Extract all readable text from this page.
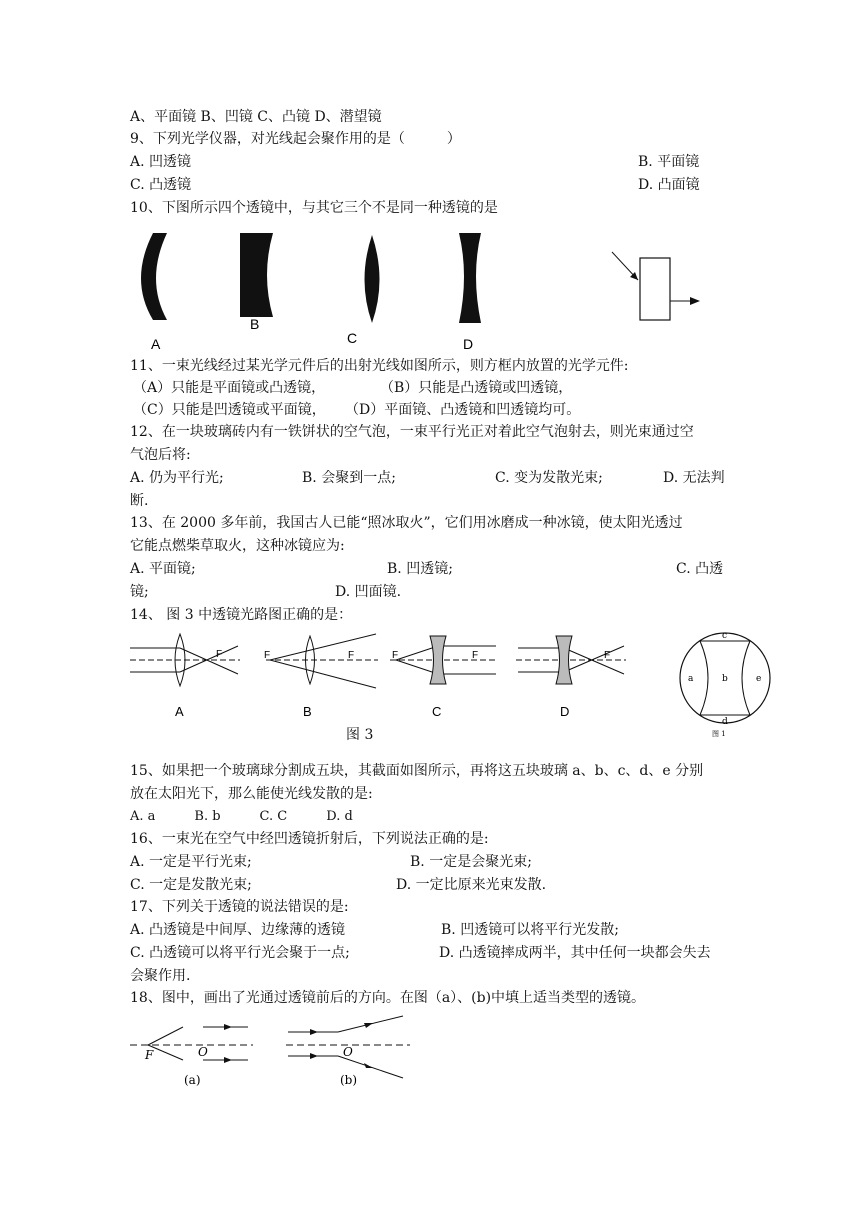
A、平面镜 B、凹镜 C、凸镜 D、潜望镜
9、下列光学仪器，对光线起会聚作用的是（　　　）
A. 凹透镜	B. 平面镜
C. 凸透镜	D. 凸面镜
10、下图所示四个透镜中，与其它三个不是同一种透镜的是
A
B
C	D
11、一束光线经过某光学元件后的出射光线如图所示，则方框内放置的光学元件:
（A）只能是平面镜或凸透镜，	（B）只能是凸透镜或凹透镜，
（C）只能是凹透镜或平面镜， （D）平面镜、凸透镜和凹透镜均可。
12、在一块玻璃砖内有一铁饼状的空气泡，一束平行光正对着此空气泡射去，则光束通过空
气泡后将:
A. 仍为平行光;	B. 会聚到一点;	C. 变为发散光束;	D. 无法判
断.
13、在 2000 多年前，我国古人已能“照冰取火”，它们用冰磨成一种冰镜，使太阳光透过
它能点燃柴草取火，这种冰镜应为:
A. 平面镜;	B. 凹透镜;	C. 凸透
镜;	D. 凹面镜.
14、 图 3 中透镜光路图正确的是：
F
A
F	F
B
F	F
C
F
D
图 3
c
a	b	e
d
图 1
15、如果把一个玻璃球分割成五块，其截面如图所示，再将这五块玻璃 a、b、c、d、e 分别
放在太阳光下，那么能使光线发散的是:
A. a　　　B. b　　　C. C　　　D. d
16、一束光在空气中经凹透镜折射后，下列说法正确的是:
A. 一定是平行光束;	B. 一定是会聚光束;
C. 一定是发散光束;	D. 一定比原来光束发散.
17、下列关于透镜的说法错误的是:
A. 凸透镜是中间厚、边缘薄的透镜	B. 凹透镜可以将平行光发散;
C. 凸透镜可以将平行光会聚于一点;	D. 凸透镜摔成两半，其中任何一块都会失去
会聚作用.
18、图中，画出了光通过透镜前后的方向。在图（a）、(b)中填上适当类型的透镜。
F	O
(a)
O
(b)
